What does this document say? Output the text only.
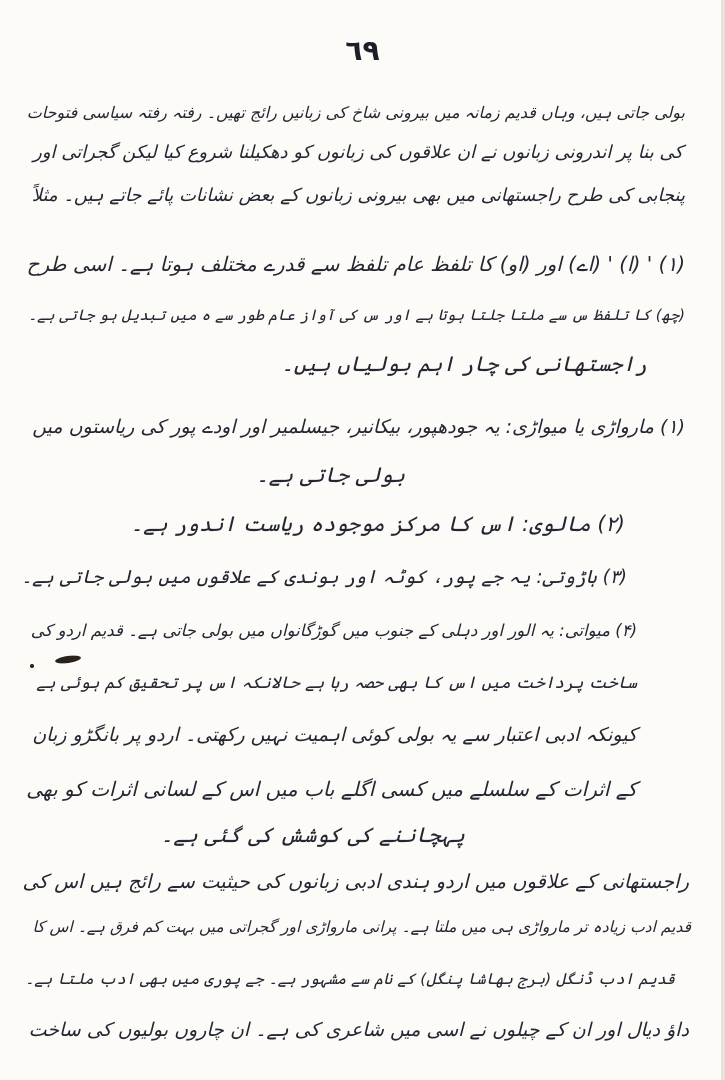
٦٩
بولی جاتی ہیں، وہاں قدیم زمانہ میں بیرونی شاخ کی زبانیں رائج تھیں۔ رفتہ رفتہ سیاسی فتوحات
کی بنا پر اندرونی زبانوں نے ان علاقوں کی زبانوں کو دھکیلنا شروع کیا لیکن گجراتی اور
پنجابی کی طرح راجستھانی میں بھی بیرونی زبانوں کے بعض نشانات پائے جاتے ہیں۔ مثلاً
(۱) ' (ا) ' (اے) اور (او) کا تلفظ عام تلفظ سے قدرے مختلف ہوتا ہے۔ اسی طرح
(چھ) کا تلفظ س سے ملتا جلتا ہوتا ہے اور س کی آواز عام طور سے ہ میں تبدیل ہو جاتی ہے۔
راجستھانی کی چار اہم بولیاں ہیں۔
(۱) مارواڑی یا میواڑی: یہ جودھپور، بیکانیر، جیسلمیر اور اودے پور کی ریاستوں میں
بولی جاتی ہے۔
(۲) مالوی: اس کا مرکز موجودہ ریاست اندور ہے۔
(۳) ہاڑوتی: یہ جے پور، کوٹہ اور بوندی کے علاقوں میں بولی جاتی ہے۔
(۴) میواتی: یہ الور اور دہلی کے جنوب میں گوڑگانواں میں بولی جاتی ہے۔ قدیم اردو کی
ساخت پرداخت میں اس کا بھی حصہ رہا ہے حالانکہ اس پر تحقیق کم ہوئی ہے
کیونکہ ادبی اعتبار سے یہ بولی کوئی اہمیت نہیں رکھتی۔ اردو پر بانگڑو زبان
کے اثرات کے سلسلے میں کسی اگلے باب میں اس کے لسانی اثرات کو بھی
پہچاننے کی کوشش کی گئی ہے۔
راجستھانی کے علاقوں میں اردو ہندی ادبی زبانوں کی حیثیت سے رائج ہیں اس کی
قدیم ادب زیادہ تر مارواڑی ہی میں ملتا ہے۔ پرانی مارواڑی اور گجراتی میں بہت کم فرق ہے۔ اس کا
قدیم ادب ڈنگل (برج بھاشا پنگل) کے نام سے مشہور ہے۔ جے پوری میں بھی ادب ملتا ہے۔
داؤ دیال اور ان کے چیلوں نے اسی میں شاعری کی ہے۔ ان چاروں بولیوں کی ساخت
